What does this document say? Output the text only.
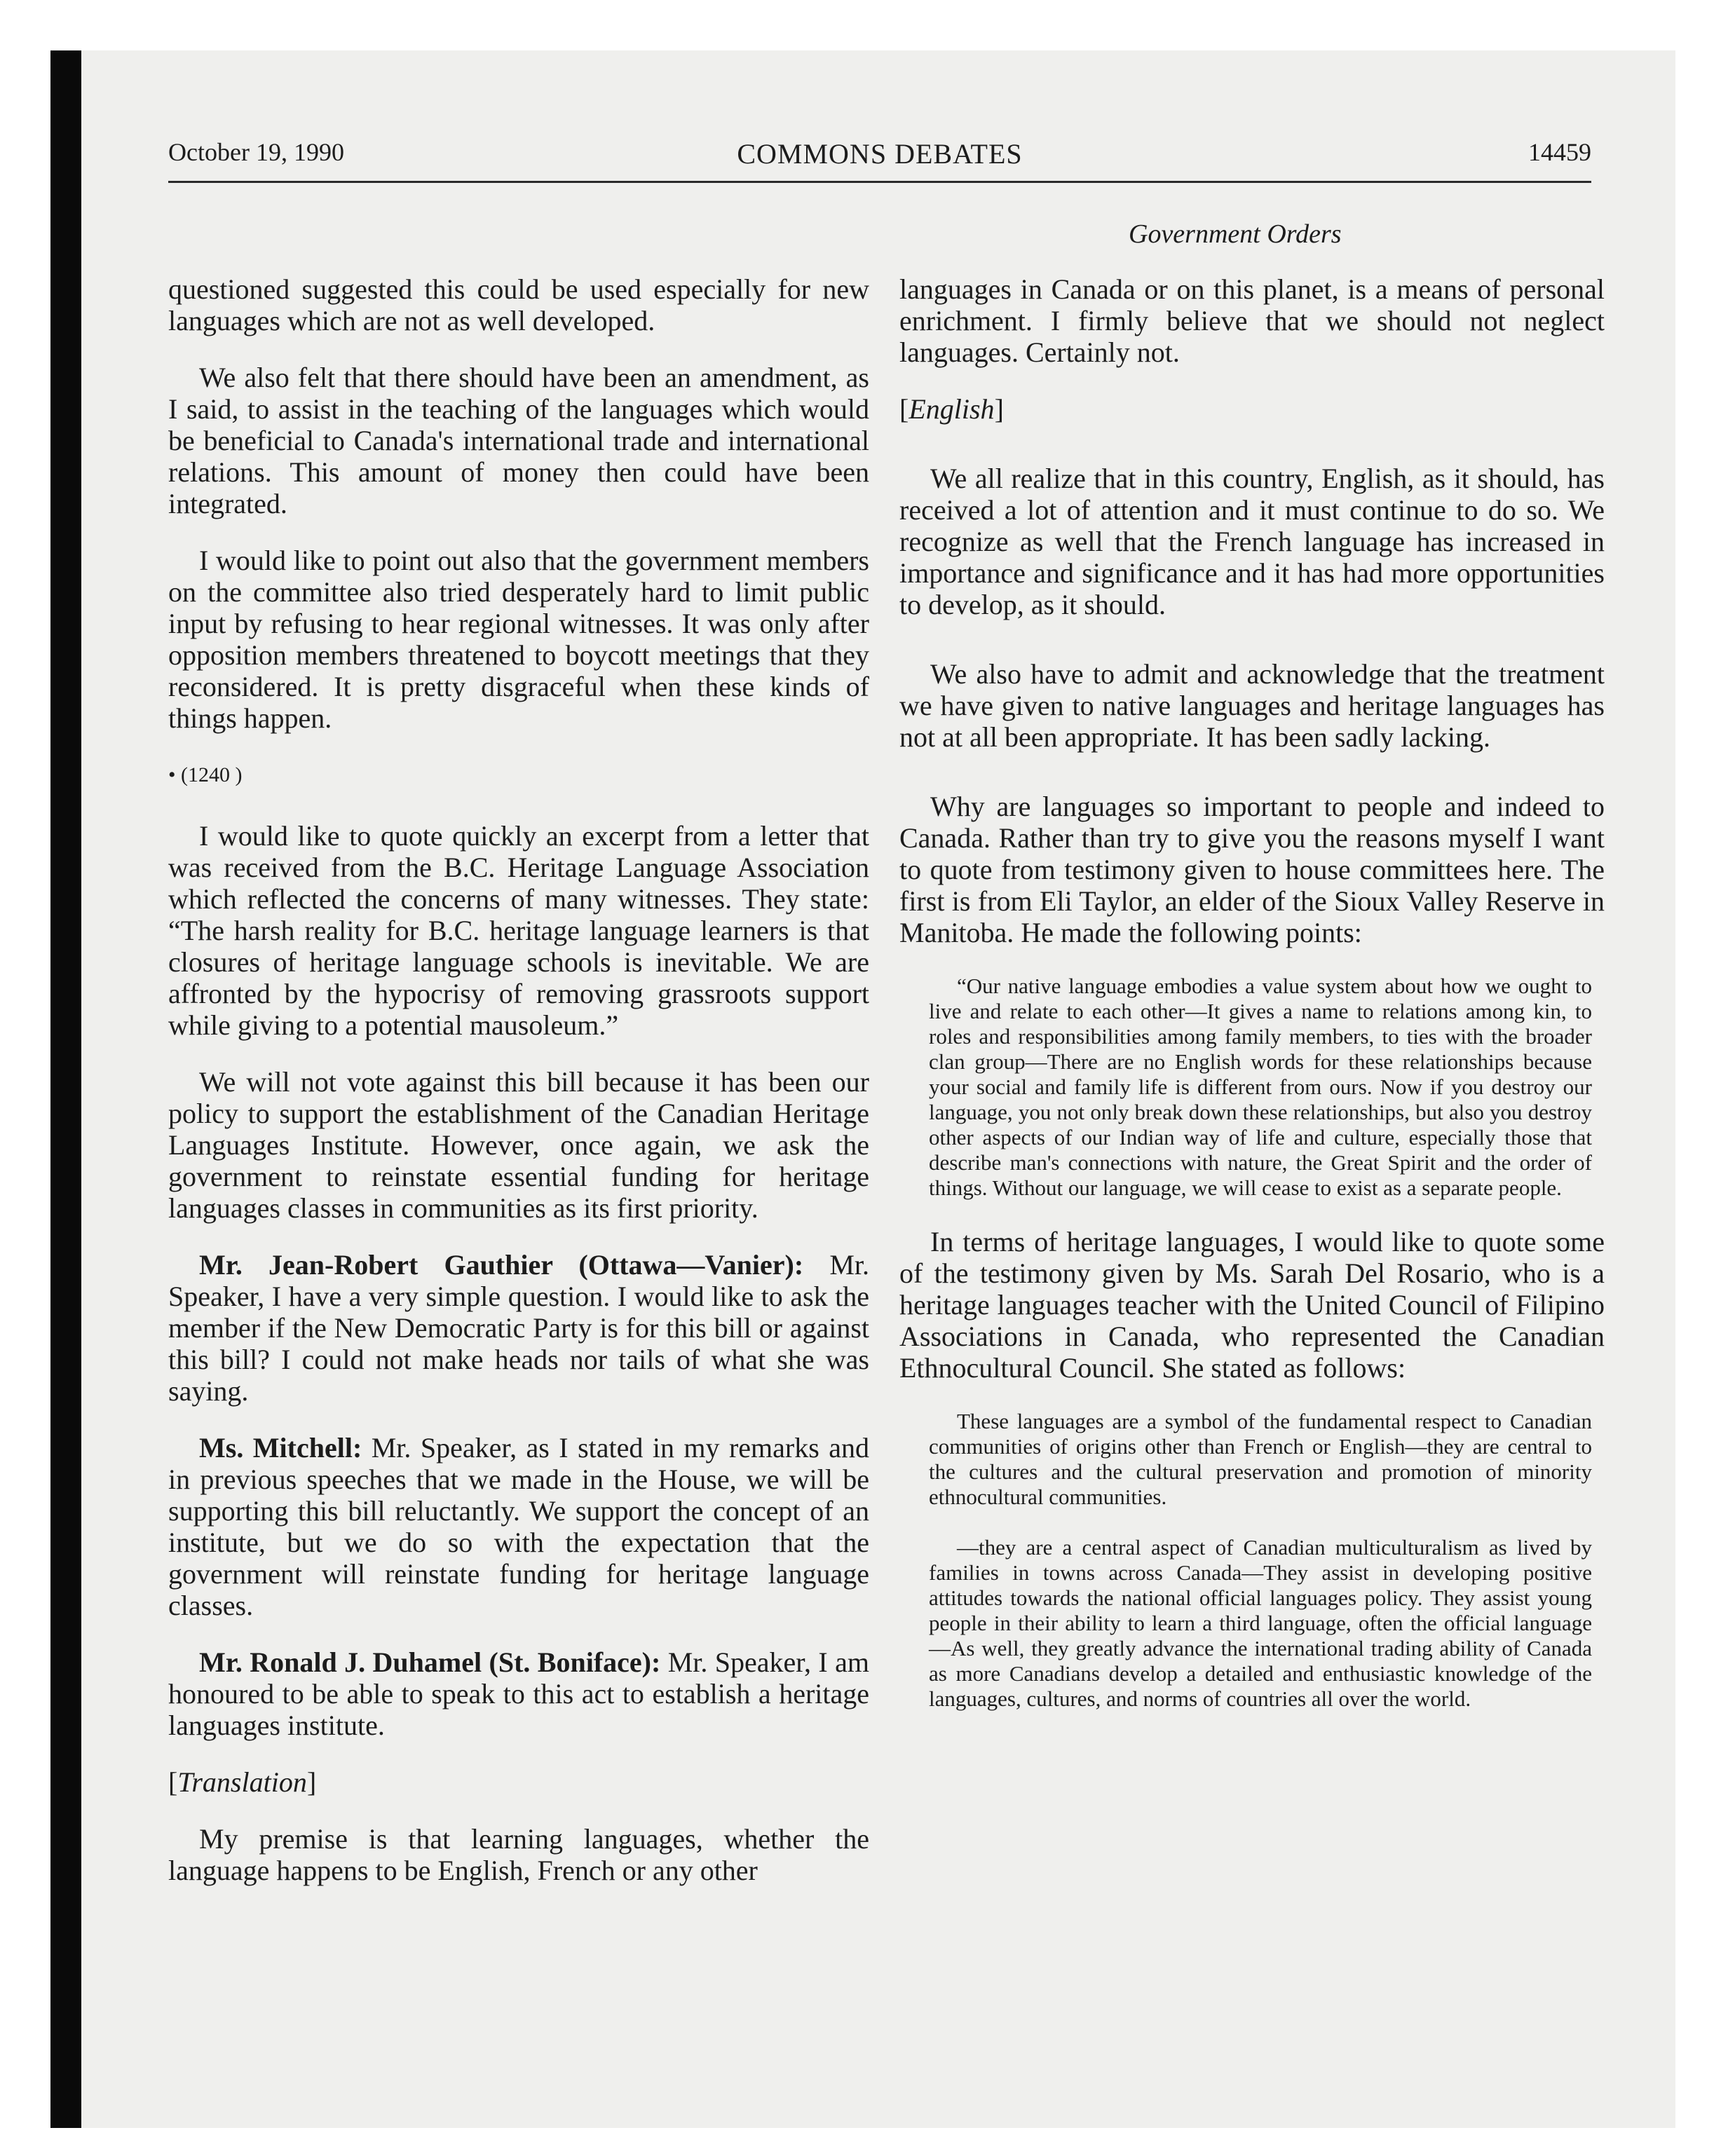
October 19, 1990	COMMONS DEBATES	14459
Government Orders

questioned suggested this could be used especially for new languages which are not as well developed.

We also felt that there should have been an amendment, as I said, to assist in the teaching of the languages which would be beneficial to Canada's international trade and international relations. This amount of money then could have been integrated.

I would like to point out also that the government members on the committee also tried desperately hard to limit public input by refusing to hear regional witnesses. It was only after opposition members threatened to boycott meetings that they reconsidered. It is pretty disgraceful when these kinds of things happen.

• (1240 )

I would like to quote quickly an excerpt from a letter that was received from the B.C. Heritage Language Association which reflected the concerns of many witnesses. They state: “The harsh reality for B.C. heritage language learners is that closures of heritage language schools is inevitable. We are affronted by the hypocrisy of removing grassroots support while giving to a potential mausoleum.”

We will not vote against this bill because it has been our policy to support the establishment of the Canadian Heritage Languages Institute. However, once again, we ask the government to reinstate essential funding for heritage languages classes in communities as its first priority.

Mr. Jean-Robert Gauthier (Ottawa—Vanier): Mr. Speaker, I have a very simple question. I would like to ask the member if the New Democratic Party is for this bill or against this bill? I could not make heads nor tails of what she was saying.

Ms. Mitchell: Mr. Speaker, as I stated in my remarks and in previous speeches that we made in the House, we will be supporting this bill reluctantly. We support the concept of an institute, but we do so with the expectation that the government will reinstate funding for heritage language classes.

Mr. Ronald J. Duhamel (St. Boniface): Mr. Speaker, I am honoured to be able to speak to this act to establish a heritage languages institute.

[Translation]

My premise is that learning languages, whether the language happens to be English, French or any other

languages in Canada or on this planet, is a means of personal enrichment. I firmly believe that we should not neglect languages. Certainly not.

[English]

We all realize that in this country, English, as it should, has received a lot of attention and it must continue to do so. We recognize as well that the French language has increased in importance and significance and it has had more opportunities to develop, as it should.

We also have to admit and acknowledge that the treatment we have given to native languages and heritage languages has not at all been appropriate. It has been sadly lacking.

Why are languages so important to people and indeed to Canada. Rather than try to give you the reasons myself I want to quote from testimony given to house committees here. The first is from Eli Taylor, an elder of the Sioux Valley Reserve in Manitoba. He made the following points:

“Our native language embodies a value system about how we ought to live and relate to each other—It gives a name to relations among kin, to roles and responsibilities among family members, to ties with the broader clan group—There are no English words for these relationships because your social and family life is different from ours. Now if you destroy our language, you not only break down these relationships, but also you destroy other aspects of our Indian way of life and culture, especially those that describe man's connections with nature, the Great Spirit and the order of things. Without our language, we will cease to exist as a separate people.

In terms of heritage languages, I would like to quote some of the testimony given by Ms. Sarah Del Rosario, who is a heritage languages teacher with the United Council of Filipino Associations in Canada, who represented the Canadian Ethnocultural Council. She stated as follows:

These languages are a symbol of the fundamental respect to Canadian communities of origins other than French or English—they are central to the cultures and the cultural preservation and promotion of minority ethnocultural communities.

—they are a central aspect of Canadian multiculturalism as lived by families in towns across Canada—They assist in developing positive attitudes towards the national official languages policy. They assist young people in their ability to learn a third language, often the official language—As well, they greatly advance the international trading ability of Canada as more Canadians develop a detailed and enthusiastic knowledge of the languages, cultures, and norms of countries all over the world.
